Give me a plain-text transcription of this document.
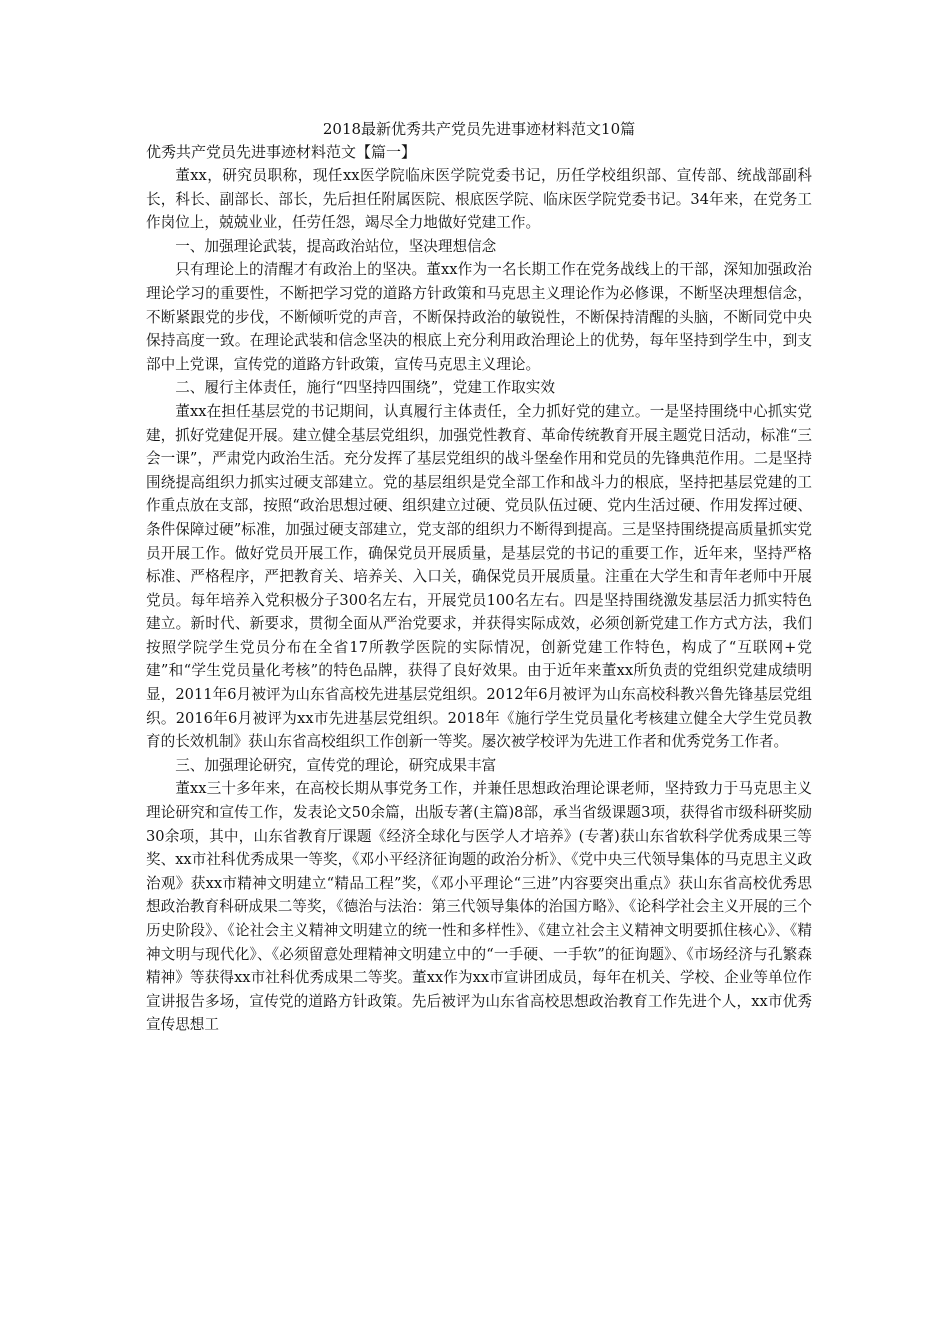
2018最新优秀共产党员先进事迹材料范文10篇
优秀共产党员先进事迹材料范文【篇一】

董xx，研究员职称，现任xx医学院临床医学院党委书记，历任学校组织部、宣传部、统战部副科长，科长、副部长、部长，先后担任附属医院、根底医学院、临床医学院党委书记。34年来，在党务工作岗位上，兢兢业业，任劳任怨，竭尽全力地做好党建工作。

一、加强理论武装，提高政治站位，坚决理想信念

只有理论上的清醒才有政治上的坚决。董xx作为一名长期工作在党务战线上的干部，深知加强政治理论学习的重要性，不断把学习党的道路方针政策和马克思主义理论作为必修课，不断坚决理想信念，不断紧跟党的步伐，不断倾听党的声音，不断保持政治的敏锐性，不断保持清醒的头脑，不断同党中央保持高度一致。在理论武装和信念坚决的根底上充分利用政治理论上的优势，每年坚持到学生中，到支部中上党课，宣传党的道路方针政策，宣传马克思主义理论。

二、履行主体责任，施行“四坚持四围绕”，党建工作取实效

董xx在担任基层党的书记期间，认真履行主体责任，全力抓好党的建立。一是坚持围绕中心抓实党建，抓好党建促开展。建立健全基层党组织，加强党性教育、革命传统教育开展主题党日活动，标准“三会一课”，严肃党内政治生活。充分发挥了基层党组织的战斗堡垒作用和党员的先锋典范作用。二是坚持围绕提高组织力抓实过硬支部建立。党的基层组织是党全部工作和战斗力的根底，坚持把基层党建的工作重点放在支部，按照“政治思想过硬、组织建立过硬、党员队伍过硬、党内生活过硬、作用发挥过硬、条件保障过硬”标准，加强过硬支部建立，党支部的组织力不断得到提高。三是坚持围绕提高质量抓实党员开展工作。做好党员开展工作，确保党员开展质量，是基层党的书记的重要工作，近年来，坚持严格标准、严格程序，严把教育关、培养关、入口关，确保党员开展质量。注重在大学生和青年老师中开展党员。每年培养入党积极分子300名左右，开展党员100名左右。四是坚持围绕激发基层活力抓实特色建立。新时代、新要求，贯彻全面从严治党要求，并获得实际成效，必须创新党建工作方式方法，我们按照学院学生党员分布在全省17所教学医院的实际情况，创新党建工作特色，构成了“互联网+党建”和“学生党员量化考核”的特色品牌，获得了良好效果。由于近年来董xx所负责的党组织党建成绩明显，2011年6月被评为山东省高校先进基层党组织。2012年6月被评为山东高校科教兴鲁先锋基层党组织。2016年6月被评为xx市先进基层党组织。2018年《施行学生党员量化考核建立健全大学生党员教育的长效机制》获山东省高校组织工作创新一等奖。屡次被学校评为先进工作者和优秀党务工作者。

三、加强理论研究，宣传党的理论，研究成果丰富

董xx三十多年来，在高校长期从事党务工作，并兼任思想政治理论课老师，坚持致力于马克思主义理论研究和宣传工作，发表论文50余篇，出版专著(主篇)8部，承当省级课题3项，获得省市级科研奖励30余项，其中，山东省教育厅课题《经济全球化与医学人才培养》(专著)获山东省软科学优秀成果三等奖、xx市社科优秀成果一等奖，《邓小平经济征询题的政治分析》、《党中央三代领导集体的马克思主义政治观》获xx市精神文明建立“精品工程”奖，《邓小平理论“三进”内容要突出重点》获山东省高校优秀思想政治教育科研成果二等奖，《德治与法治：第三代领导集体的治国方略》、《论科学社会主义开展的三个历史阶段》、《论社会主义精神文明建立的统一性和多样性》、《建立社会主义精神文明要抓住核心》、《精神文明与现代化》、《必须留意处理精神文明建立中的“一手硬、一手软”的征询题》、《市场经济与孔繁森精神》等获得xx市社科优秀成果二等奖。董xx作为xx市宣讲团成员，每年在机关、学校、企业等单位作宣讲报告多场，宣传党的道路方针政策。先后被评为山东省高校思想政治教育工作先进个人，xx市优秀宣传思想工
